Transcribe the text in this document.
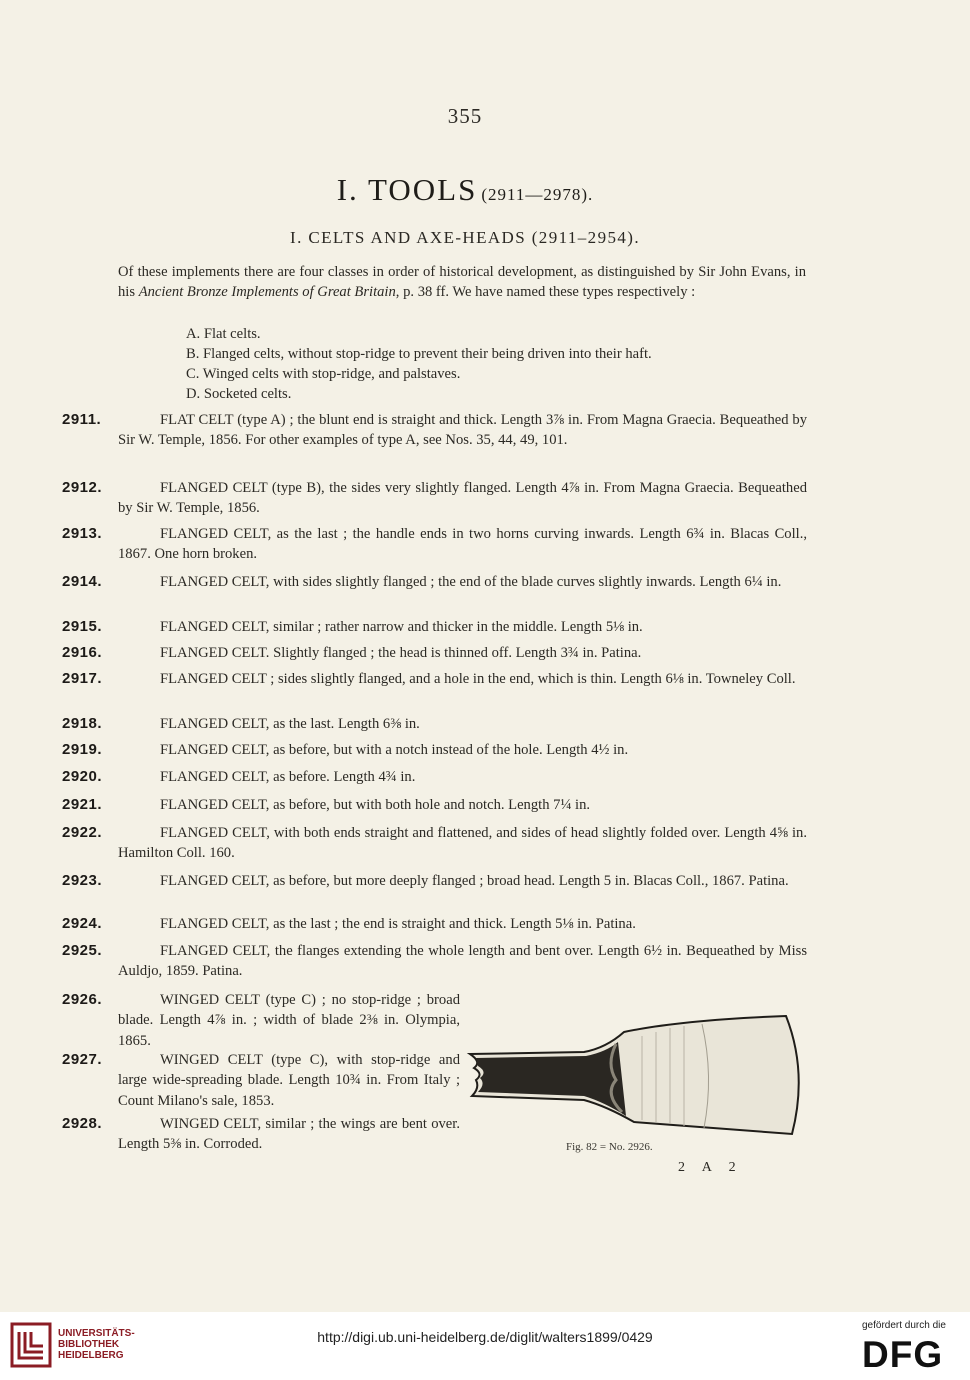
355
I. TOOLS (2911—2978).
I. CELTS AND AXE-HEADS (2911–2954).
Of these implements there are four classes in order of historical development, as distinguished by Sir John Evans, in his Ancient Bronze Implements of Great Britain, p. 38 ff. We have named these types respectively :
A. Flat celts.
B. Flanged celts, without stop-ridge to prevent their being driven into their haft.
C. Winged celts with stop-ridge, and palstaves.
D. Socketed celts.
2911.	FLAT CELT (type A) ; the blunt end is straight and thick. Length 3⅞ in. From Magna Graecia. Bequeathed by Sir W. Temple, 1856. For other examples of type A, see Nos. 35, 44, 49, 101.
2912.	FLANGED CELT (type B), the sides very slightly flanged. Length 4⅞ in. From Magna Graecia. Bequeathed by Sir W. Temple, 1856.
2913.	FLANGED CELT, as the last ; the handle ends in two horns curving inwards. Length 6¾ in. Blacas Coll., 1867. One horn broken.
2914.	FLANGED CELT, with sides slightly flanged ; the end of the blade curves slightly inwards. Length 6¼ in.
2915.	FLANGED CELT, similar ; rather narrow and thicker in the middle. Length 5⅛ in.
2916.	FLANGED CELT. Slightly flanged ; the head is thinned off. Length 3¾ in. Patina.
2917.	FLANGED CELT ; sides slightly flanged, and a hole in the end, which is thin. Length 6⅛ in. Towneley Coll.
2918.	FLANGED CELT, as the last. Length 6⅜ in.
2919.	FLANGED CELT, as before, but with a notch instead of the hole. Length 4½ in.
2920.	FLANGED CELT, as before. Length 4¾ in.
2921.	FLANGED CELT, as before, but with both hole and notch. Length 7¼ in.
2922.	FLANGED CELT, with both ends straight and flattened, and sides of head slightly folded over. Length 4⅝ in. Hamilton Coll. 160.
2923.	FLANGED CELT, as before, but more deeply flanged ; broad head. Length 5 in. Blacas Coll., 1867. Patina.
2924.	FLANGED CELT, as the last ; the end is straight and thick. Length 5⅛ in. Patina.
2925.	FLANGED CELT, the flanges extending the whole length and bent over. Length 6½ in. Bequeathed by Miss Auldjo, 1859. Patina.
2926.	WINGED CELT (type C) ; no stop-ridge ; broad blade. Length 4⅞ in. ; width of blade 2⅜ in. Olympia, 1865.
2927.	WINGED CELT (type C), with stop-ridge and large wide-spreading blade. Length 10¾ in. From Italy ; Count Milano's sale, 1853.
2928.	WINGED CELT, similar ; the wings are bent over. Length 5⅜ in. Corroded.	Fig. 82 = No. 2926.
2 A 2
UNIVERSITÄTS-
BIBLIOTHEK
HEIDELBERG
http://digi.ub.uni-heidelberg.de/diglit/walters1899/0429
gefördert durch die
DFG
